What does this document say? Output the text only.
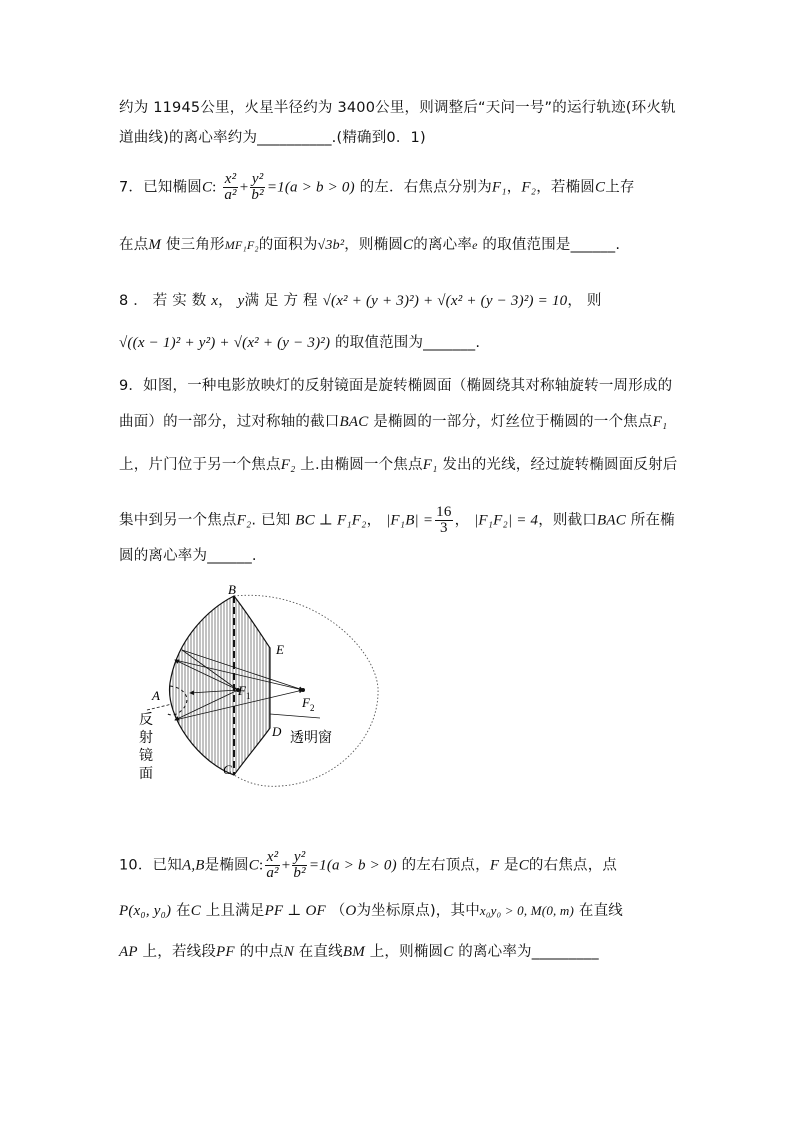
约为 11945公里，火星半径约为 3400公里，则调整后“天问一号”的运行轨迹(环火轨
道曲线)的离心率约为__________.(精确到0．1)
7．已知椭圆C: $\frac{\text{x²}}{\text{a²}} + \frac{\text{y²}}{\text{b²}} =1(a > b > 0)$ 的左．右焦点分别为F₁，F₂，若椭圆C上存
在点M 使三角形MF₁F₂的面积为√3b²，则椭圆C的离心率e 的取值范围是______.
8 ． 若 实 数 x， y满 足 方 程 √(x² + (y + 3)²) + √(x² + (y − 3)²) = 10， 则
√((x − 1)² + y²) + √(x² + (y − 3)²) 的取值范围为_______.
9．如图，一种电影放映灯的反射镜面是旋转椭圆面（椭圆绕其对称轴旋转一周形成的
曲面）的一部分，过对称轴的截口BAC 是椭圆的一部分，灯丝位于椭圆的一个焦点F₁
上，片门位于另一个焦点F₂ 上.由椭圆一个焦点F₁ 发出的光线，经过旋转椭圆面反射后
集中到另一个焦点F₂. 已知 BC ⊥ F₁F₂， $|F_1B| = \frac{16}{3}$ ， |F₁F₂| = 4，则截口BAC 所在椭
圆的离心率为______.
B
E
A	F 1	F 2
D
C
透明窗
反
射
镜
面
10．已知A,B是椭圆C: $\frac{\text{x²}}{\text{a²}} + \frac{\text{y²}}{\text{b²}} =1(a > b > 0)$ 的左右顶点，F 是C的右焦点，点
P(x₀, y₀) 在C 上且满足PF ⊥ OF （O为坐标原点)，其中x₀y₀ > 0, M(0, m) 在直线
AP 上，若线段PF 的中点N 在直线BM 上，则椭圆C 的离心率为_________
